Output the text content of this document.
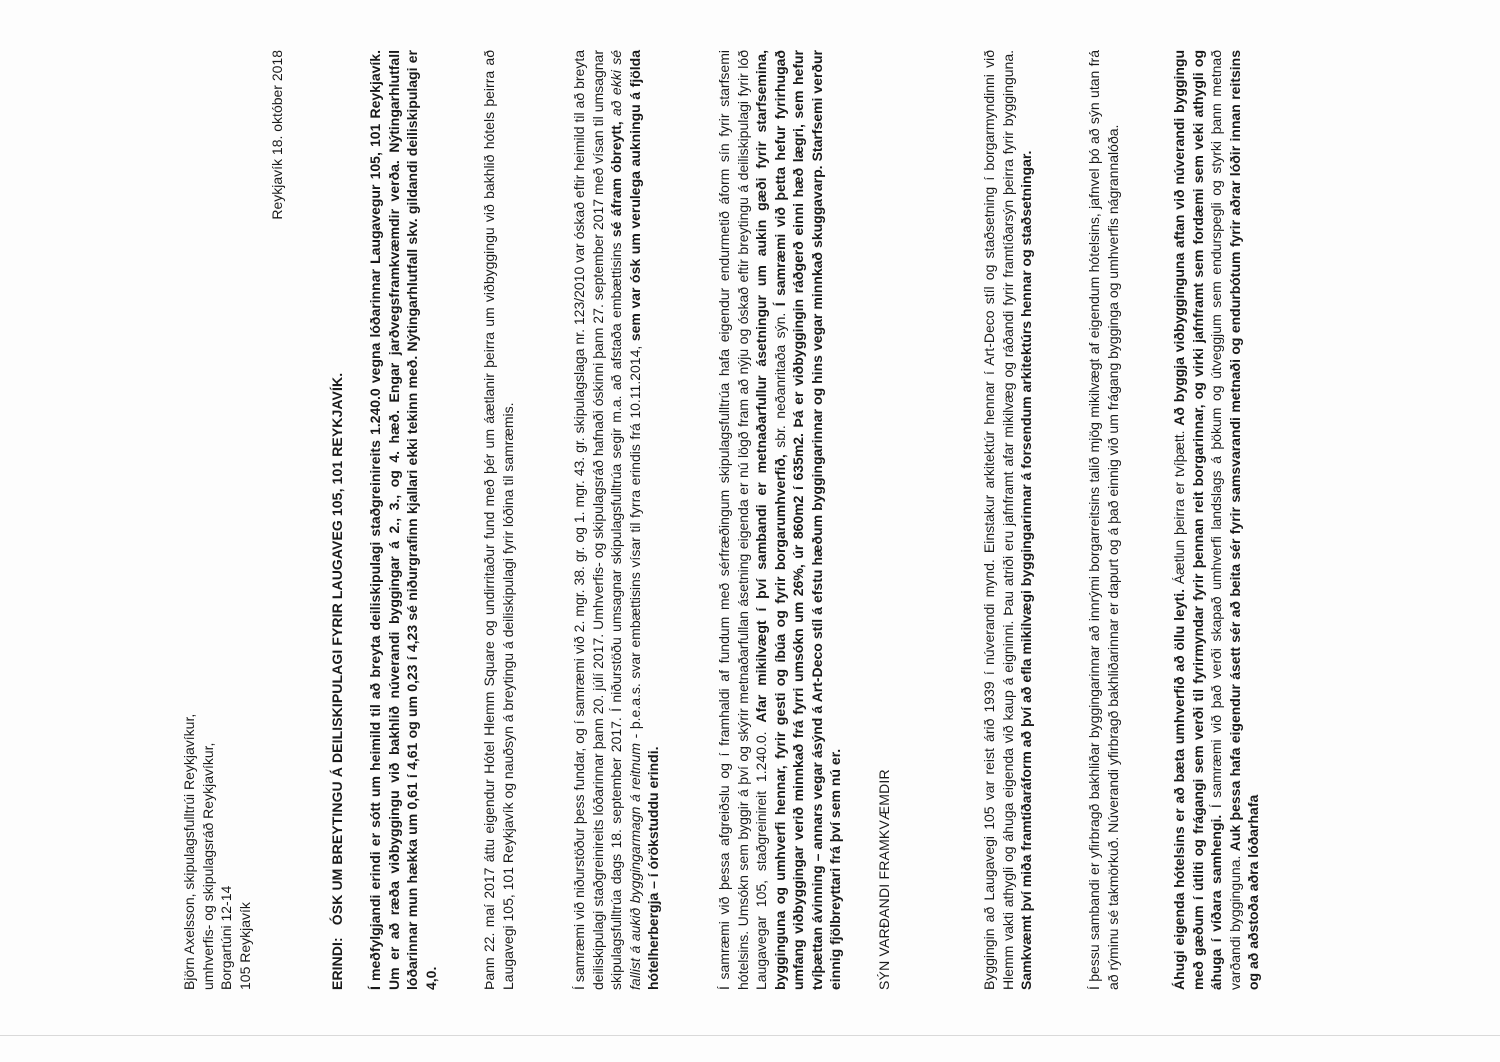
Björn Axelsson, skipulagsfulltrúi Reykjavíkur, umhverfis- og skipulagsráð Reykjavíkur, Borgartúni 12-14 105 Reykjavík
Reykjavík 18. október 2018
ERINDI:ÓSK UM BREYTINGU Á DEILISKIPULAGI FYRIR LAUGAVEG 105, 101 REYKJAVÍK. Í meðfylgjandi erindi er sótt um heimild til að breyta deiliskipulagi staðgreinireits 1.240.0 vegna lóðarinnar Laugavegur 105, 101 Reykjavík. Um er að ræða viðbyggingu við bakhlið núverandi byggingar á 2., 3., og 4. hæð. Engar jarðvegsframkvæmdir verða. Nýtingarhlutfall lóðarinnar mun hækka um 0,61 í 4,61 og um 0,23 í 4,23 sé niðurgrafinn kjallari ekki tekinn með. Nýtingarhlutfall skv. gildandi deiliskipulagi er 4,0.	Þann 22. maí 2017 áttu eigendur Hótel Hlemm Square og undirritaður fund með þér um áætlanir þeirra um viðbyggingu við bakhlið hótels þeirra að Laugavegi 105, 101 Reykjavík og nauðsyn á breytingu á deiliskipulagi fyrir lóðina til samræmis.	Í samræmi við niðurstöður þess fundar, og í samræmi við 2. mgr. 38. gr. og 1. mgr. 43. gr. skipulagslaga nr. 123/2010 var óskað eftir heimild til að breyta deiliskipulagi staðgreinireits lóðarinnar þann 20. júlí 2017. Umhverfis- og skipulagsráð hafnaði óskinni þann 27. september 2017 með vísan til umsagnar skipulagsfulltrúa dags 18. september 2017. Í niðurstöðu umsagnar skipulagsfulltrúa segir m.a. að afstaða embættisins sé áfram óbreytt, að ekki sé fallist á aukið byggingarmagn á reitnum - þ.e.a.s. svar embættisins vísar til fyrra erindis frá 10.11.2014, sem var ósk um verulega aukningu á fjölda hótelherbergja – í órökstuddu erindi.	Í samræmi við þessa afgreiðslu og í framhaldi af fundum með sérfræðingum skipulagsfulltrúa hafa eigendur endurmetið áform sín fyrir starfsemi hótelsins. Umsókn sem byggir á því og skýrir metnaðarfullan ásetning eigenda er nú lögð fram að nýju og óskað eftir breytingu á deiliskipulagi fyrir lóð Laugavegar 105, staðgreinireit 1.240.0. Afar mikilvægt í því sambandi er metnaðarfullur ásetningur um aukin gæði fyrir starfsemina, bygginguna og umhverfi hennar, fyrir gesti og íbúa og fyrir borgarumhverfið, sbr. neðanritaða sýn. Í samræmi við þetta hefur fyrirhugað umfang viðbyggingar verið minnkað frá fyrri umsókn um 26%, úr 860m2 í 635m2. Þá er viðbyggingin ráðgerð einni hæð lægri, sem hefur tvíþættan ávinning – annars vegar ásýnd á Art-Deco stíl á efstu hæðum byggingarinnar og hins vegar minnkað skuggavarp. Starfsemi verður einnig fjölbreyttari frá því sem nú er. SÝN VARÐANDI FRAMKVÆMDIR	Byggingin að Laugavegi 105 var reist árið 1939 í núverandi mynd. Einstakur arkitektúr hennar í Art-Deco stíl og staðsetning í borgarmyndinni við Hlemm vakti athygli og áhuga eigenda við kaup á eigninni. Þau atriði eru jafnframt afar mikilvæg og ráðandi fyrir framtíðarsýn þeirra fyrir bygginguna. Samkvæmt því miða framtíðaráform að því að efla mikilvægi byggingarinnar á forsendum arkitektúrs hennar og staðsetningar.	Í þessu sambandi er yfirbragð bakhliðar byggingarinnar að innrými borgarreitsins talið mjög mikilvægt af eigendum hótelsins, jafnvel þó að sýn utan frá að rýminu sé takmörkuð. Núverandi yfirbragð bakhliðarinnar er dapurt og á það einnig við um frágang bygginga og umhverfis nágrannalóða.	Áhugi eigenda hótelsins er að bæta umhverfið að öllu leyti. Áætlun þeirra er tvíþætt. Að byggja viðbygginguna aftan við núverandi byggingu með gæðum í útliti og frágangi sem verði til fyrirmyndar fyrir þennan reit borgarinnar, og virki jafnframt sem fordæmi sem veki athygli og áhuga í víðara samhengi. Í samræmi við það verði skapað umhverfi landslags á þökum og útveggjum sem endurspegli og styrki þann metnað varðandi bygginguna. Auk þessa hafa eigendur ásett sér að beita sér fyrir samsvarandi metnaði og endurbótum fyrir aðrar lóðir innan reitsins og að aðstoða aðra lóðarhafa
